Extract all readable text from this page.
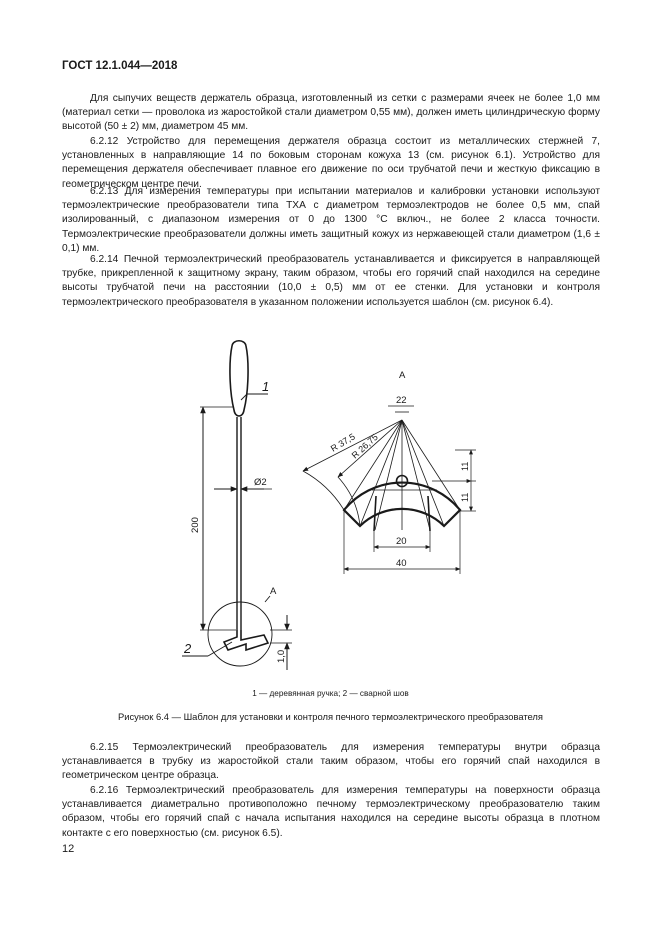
ГОСТ 12.1.044—2018
Для сыпучих веществ держатель образца, изготовленный из сетки с размерами ячеек не более 1,0 мм (материал сетки — проволока из жаростойкой стали диаметром 0,55 мм), должен иметь цилиндрическую форму высотой (50 ± 2) мм, диаметром 45 мм.
6.2.12 Устройство для перемещения держателя образца состоит из металлических стержней 7, установленных в направляющие 14 по боковым сторонам кожуха 13 (см. рисунок 6.1). Устройство для перемещения держателя обеспечивает плавное его движение по оси трубчатой печи и жесткую фиксацию в геометрическом центре печи.
6.2.13 Для измерения температуры при испытании материалов и калибровки установки используют термоэлектрические преобразователи типа ТХА с диаметром термоэлектродов не более 0,5 мм, спай изолированный, с диапазоном измерения от 0 до 1300 °С включ., не более 2 класса точности. Термоэлектрические преобразователи должны иметь защитный кожух из нержавеющей стали диаметром (1,6 ± 0,1) мм.
6.2.14 Печной термоэлектрический преобразователь устанавливается и фиксируется в направляющей трубке, прикрепленной к защитному экрану, таким образом, чтобы его горячий спай находился на середине высоты трубчатой печи на расстоянии (10,0 ± 0,5) мм от ее стенки. Для установки и контроля термоэлектрического преобразователя в указанном положении используется шаблон (см. рисунок 6.4).
1
2
200
Ø2
1,0
А
А
22
R 37,5
R 26,75
11
11
20
40
1 — деревянная ручка; 2 — сварной шов
Рисунок 6.4 — Шаблон для установки и контроля печного термоэлектрического преобразователя
6.2.15 Термоэлектрический преобразователь для измерения температуры внутри образца устанавливается в трубку из жаростойкой стали таким образом, чтобы его горячий спай находился в геометрическом центре образца.
6.2.16 Термоэлектрический преобразователь для измерения температуры на поверхности образца устанавливается диаметрально противоположно печному термоэлектрическому преобразователю таким образом, чтобы его горячий спай с начала испытания находился на середине высоты образца в плотном контакте с его поверхностью (см. рисунок 6.5).
12
